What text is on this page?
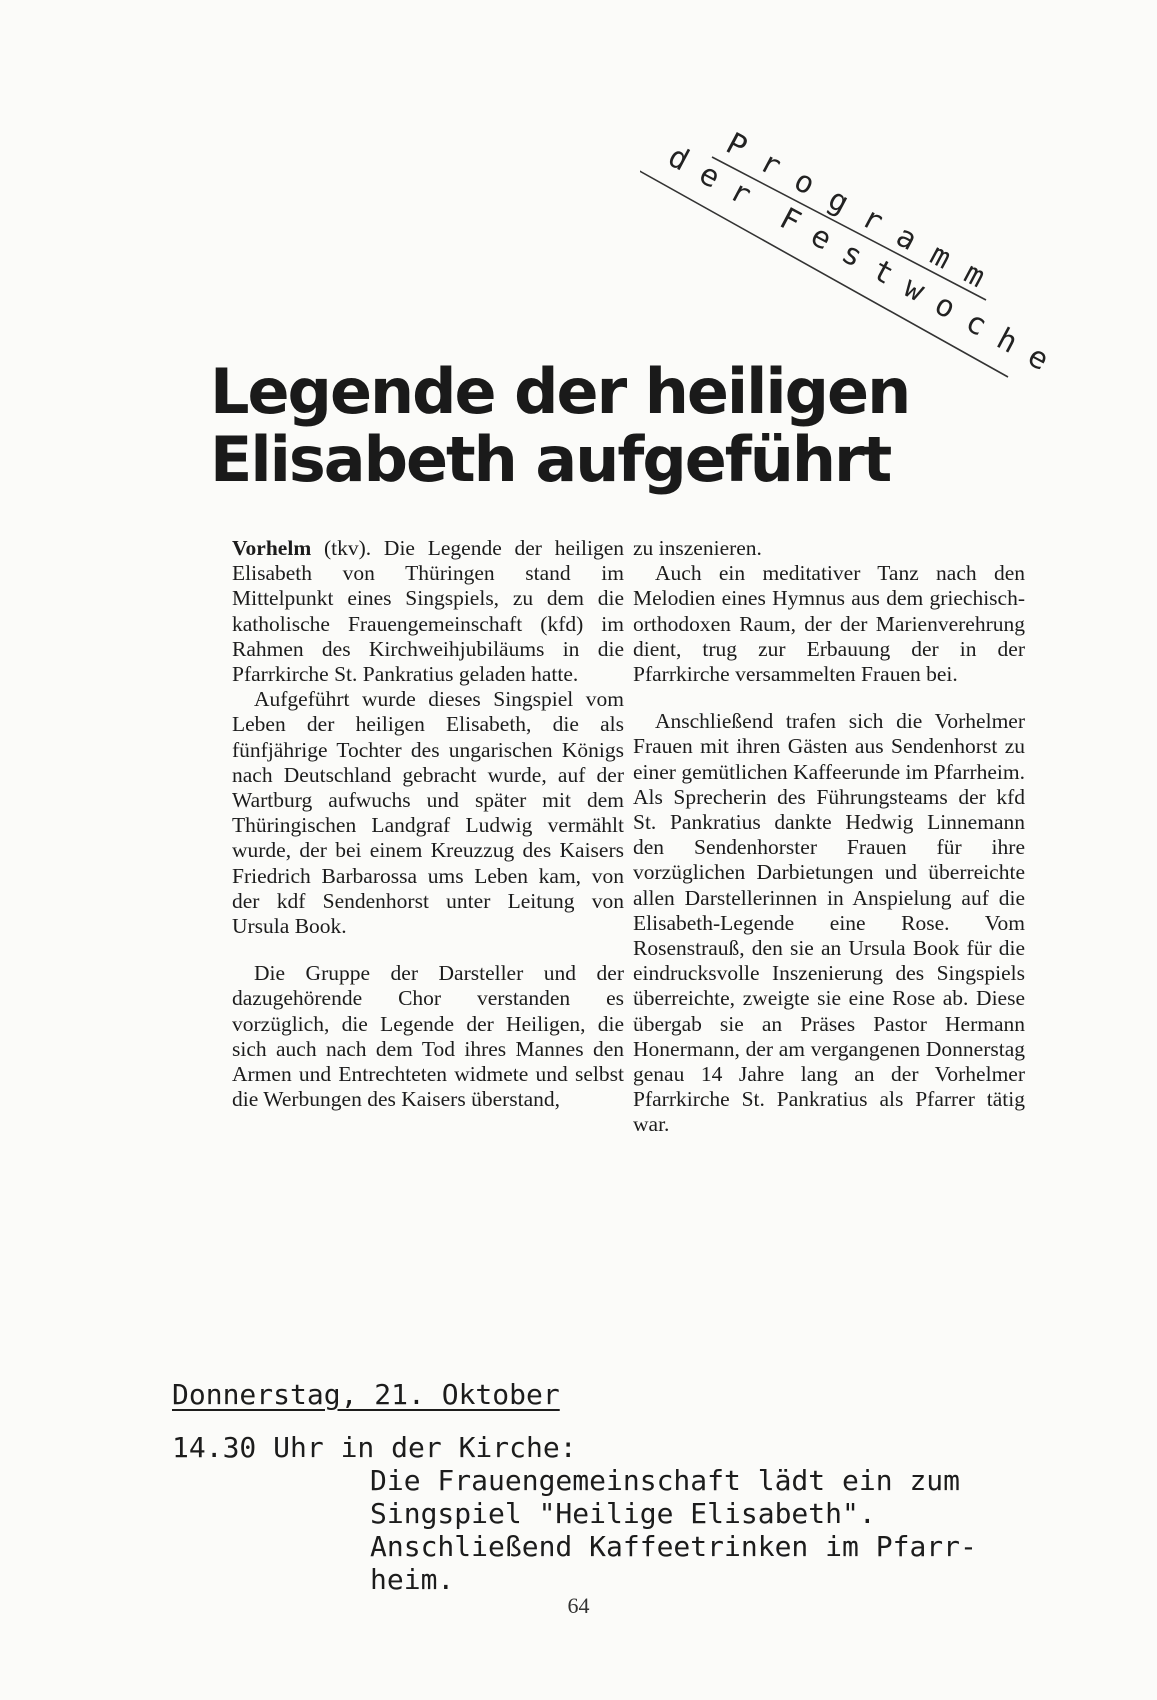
P r o g r a m m
d
e
r
F
e
s
t
w
o
c
h
e
Legende der heiligen
Elisabeth aufgeführt

Vorhelm (tkv). Die Legende der heiligen Elisabeth von Thüringen stand im Mittelpunkt eines Singspiels, zu dem die katholische Frauengemeinschaft (kfd) im Rahmen des Kirchweihjubiläums in die Pfarrkirche St. Pankratius geladen hatte.

Aufgeführt wurde dieses Singspiel vom Leben der heiligen Elisabeth, die als fünfjährige Tochter des ungarischen Königs nach Deutschland gebracht wurde, auf der Wartburg aufwuchs und später mit dem Thüringischen Landgraf Ludwig vermählt wurde, der bei einem Kreuzzug des Kaisers Friedrich Barbarossa ums Leben kam, von der kdf Sendenhorst unter Leitung von Ursula Book.

Die Gruppe der Darsteller und der dazugehörende Chor verstanden es vorzüglich, die Legende der Heiligen, die sich auch nach dem Tod ihres Mannes den Armen und Entrechteten widmete und selbst die Werbungen des Kaisers überstand,

zu inszenieren.

Auch ein meditativer Tanz nach den Melodien eines Hymnus aus dem griechisch-orthodoxen Raum, der der Marienverehrung dient, trug zur Erbauung der in der Pfarrkirche versammelten Frauen bei.

Anschließend trafen sich die Vorhelmer Frauen mit ihren Gästen aus Sendenhorst zu einer gemütlichen Kaffeerunde im Pfarrheim. Als Sprecherin des Führungsteams der kfd St. Pankratius dankte Hedwig Linnemann den Sendenhorster Frauen für ihre vorzüglichen Darbietungen und überreichte allen Darstellerinnen in Anspielung auf die Elisabeth-Legende eine Rose. Vom Rosenstrauß, den sie an Ursula Book für die eindrucksvolle Inszenierung des Singspiels überreichte, zweigte sie eine Rose ab. Diese übergab sie an Präses Pastor Hermann Honermann, der am vergangenen Donnerstag genau 14 Jahre lang an der Vorhelmer Pfarrkirche St. Pankratius als Pfarrer tätig war.

Donnerstag, 21. Oktober
14.30 Uhr in der Kirche:
Die Frauengemeinschaft lädt ein zum
Singspiel "Heilige Elisabeth".
Anschließend Kaffeetrinken im Pfarr-
heim.
64
